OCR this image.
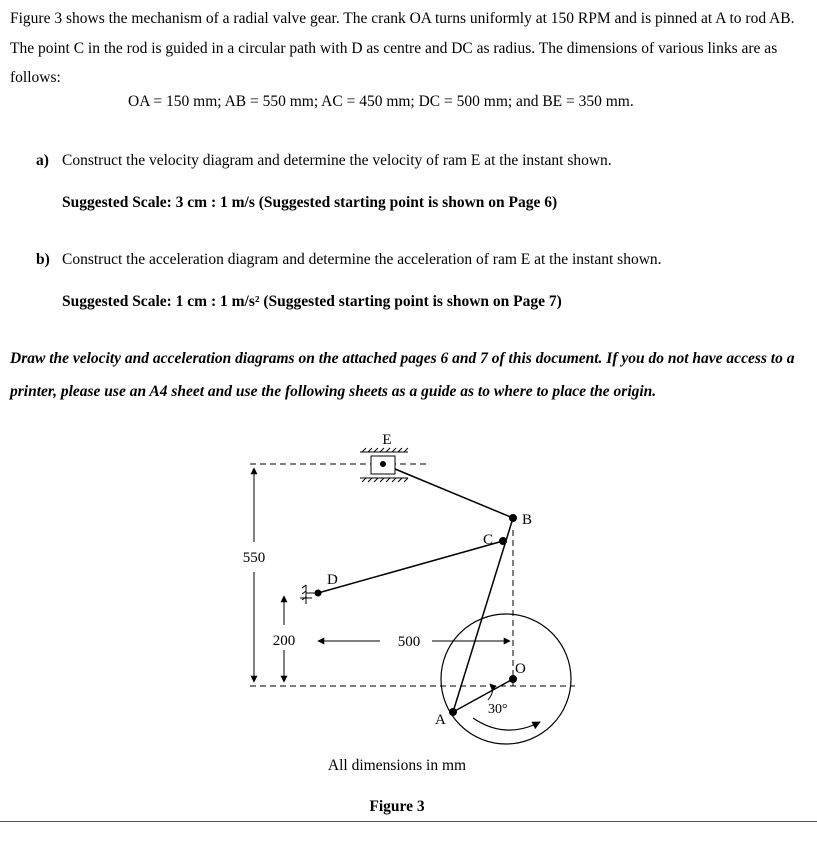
Figure 3 shows the mechanism of a radial valve gear. The crank OA turns uniformly at 150 RPM and is pinned at A to rod AB. The point C in the rod is guided in a circular path with D as centre and DC as radius. The dimensions of various links are as follows:

OA = 150 mm; AB = 550 mm; AC = 450 mm; DC = 500 mm; and BE = 350 mm.
a) Construct the velocity diagram and determine the velocity of ram E at the instant shown.
Suggested Scale: 3 cm : 1 m/s (Suggested starting point is shown on Page 6)
b) Construct the acceleration diagram and determine the acceleration of ram E at the instant shown.
Suggested Scale: 1 cm : 1 m/s² (Suggested starting point is shown on Page 7)

Draw the velocity and acceleration diagrams on the attached pages 6 and 7 of this document. If you do not have access to a printer, please use an A4 sheet and use the following sheets as a guide as to where to place the origin.

550
200	500
E
B
C
D
O
A
30°
All dimensions in mm
Figure 3
